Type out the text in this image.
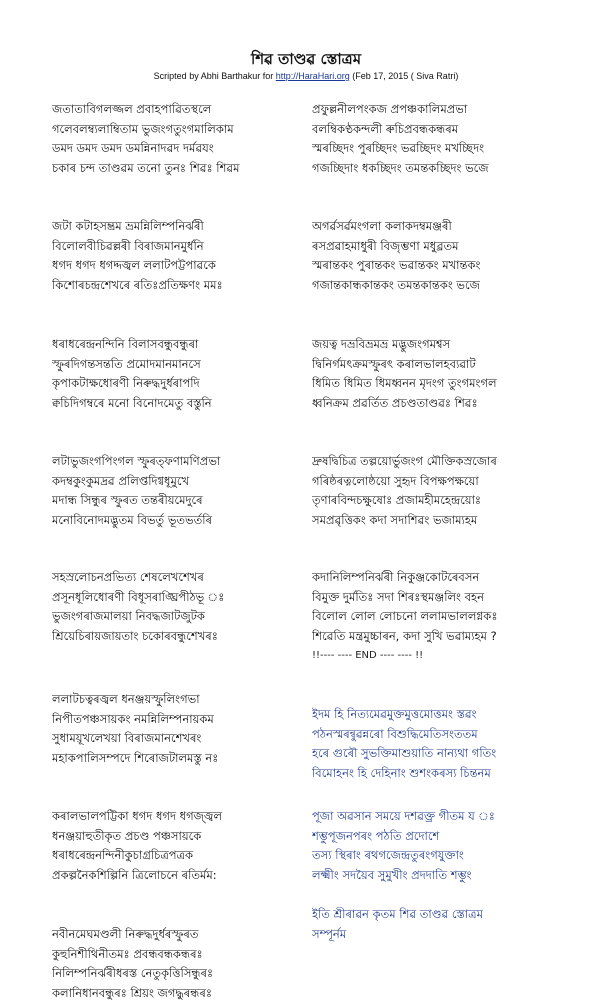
শিৱ তাণ্ডৱ স্তোত্রম
Scripted by Abhi Barthakur for http://HaraHari.org (Feb 17, 2015 ( Siva Ratri)
জতাতাবিগলজ্জল প্ৰবাহপাৱিতস্থলে
গলেবলম্ব্যলাম্বিতাম ভুজংগতুংগমালিকাম
ডমদ ডমদ ডমদ ডমন্নিনাদৱদ দর্মৱযং
চকাৰ চন্দ তাণ্ডৱম তনো তুনঃ শিৱঃ শিৱম
জটা কটাহসম্ভ্রম ভ্রমন্নিলিম্পনির্ঝৰী
বিলোলবীচিৱল্লৰী বিৰাজমানমুৰ্ধনি
ধগদ ধগদ ধগদ্দজ্বল ললাটপট্টপাৱকে
কিশোৰচন্দ্ৰশেখৰে ৰতিঃপ্ৰতিক্ষণং মমঃ
ধৰাধৰেন্দ্ৰনন্দিনি বিলাসবন্ধুবন্ধুৰা
স্ফুৰদিগন্তসন্ততি প্ৰমোদমানমানসে
কৃপাকটাক্ষধোৰণী নিৰুদ্ধদুৰ্ধৰাপদি
ক্বচিদিগম্বৰে মনো বিনোদমেতু বস্তুনি
লটাভুজংগপিংগল স্ফুৰত্ফণামণিপ্ৰভা
কদম্বকুংকুমদ্ৰৱ প্ৰলিপ্তদিগ্বধূমুখে
মদান্ধ সিন্ধুৰ স্ফুৰত তন্তৰীয়মেদুৰে
মনোবিনোদমদ্ভুতম বিভৰ্তু ভূতভৰ্তৰি
সহস্ৰলোচনপ্ৰভিত্য শেষলেখশেখৰ
প্ৰসূনধূলিধোৰণী বিধূসৰাঙ্ঘ্ৰিপীঠভূ ঃ
ভুজংগৰাজমালয়া নিবদ্ধজাটজুটক
শ্ৰিয়েচিৰায়জায়তাং চকোৰবন্ধুশেখৰঃ
ললাটচত্বৰজ্বল ধনঞ্জয়স্ফুলিংগভা
নিপীতপঞ্চসায়কং নমন্নিলিম্পনায়কম
সুধাময়ূখলেখয়া বিৰাজমানশেখৰং
মহাকপালিসম্পদে শিৰোজটালমস্তু নঃ
কৰালভালপট্টিকা ধগদ ধগদ ধগজ্জ্বল
ধনঞ্জয়াহুতীকৃত প্ৰচণ্ড পঞ্চসায়কে
ধৰাধৰেন্দ্ৰনন্দিনীকুচাগ্ৰচিত্ৰপত্ৰক
প্ৰকল্পনৈকশিল্পিনি ত্ৰিলোচনে ৰতিৰ্মম:
নবীনমেঘমণ্ডলী নিৰুদ্ধদুৰ্ধৰস্ফুৰত
কুহুনিশীথিনীতমঃ প্ৰবন্ধবন্ধকন্ধৰঃ
নিলিম্পনিৰ্ঝৰীধৰস্ত নেতুকৃত্তিসিন্ধুৰঃ
কলানিধানবন্ধুৰঃ শ্ৰিয়ং জগদ্ধুৰন্ধৰঃ
প্ৰফুল্লনীলপংকজ প্ৰপঞ্চকালিমপ্ৰভা
বলম্বিকণ্ঠকন্দলী ৰুচিপ্ৰবন্ধকন্ধৰম
স্মৰচ্ছিদং পুৰচ্ছিদং ভৱচ্ছিদং মখচ্ছিদং
গজচ্ছিদাং ধকচ্ছিদং তমন্তকচ্ছিদং ভজে
অগৰ্ৱসৰ্ৱমংগলা কলাকদম্বমঞ্জৰী
ৰসপ্ৰৱাহমাধুৰী বিজৃম্ভণা মধুৱ্ৰতম
স্মৰান্তকং পুৰান্তকং ভৱান্তকং মখান্তকং
গজান্তকান্ধকান্তকং তমন্তকান্তকং ভজে
জয়ত্ব দভ্ৰবিভ্ৰমভ্ৰ মদ্ভুজংগমশ্বস
দ্বিনিৰ্গমৎক্ৰমস্ফুৰৎ কৰালভালহব্যৱাট
ধিমিত ধিমিত ধিমধ্বনন মৃদংগ তুংগমংগল
ধ্বনিক্ৰম প্ৰৱৰ্তিত প্ৰচণ্ডতাণ্ডৱঃ শিৱঃ
দ্ৰুষদ্বিচিত্ৰ তল্পয়োৰ্ভুজংগ মৌক্তিকস্ৰজোৰ
গৰিষ্ঠৰত্নলোষ্ঠয়ো সুহৃদ বিপক্ষপক্ষয়ো
তৃণাৰবিন্দচক্ষুষোঃ প্ৰজামহীমহেন্দ্ৰয়োঃ
সমপ্ৰৱৃত্তিকং কদা সদাশিৱং ভজাম্যহম
কদানিলিম্পনিৰ্ঝৰী নিকুঞ্জকোটৰেবসন
বিমুক্ত দুৰ্মতিঃ সদা শিৰঃস্থমঞ্জলিং বহন
বিলোল লোল লোচনো ললামভাললগ্নকঃ
শিৱেতি মন্ত্ৰমুচ্চাৰন, কদা সুখি ভৱাম্যহম ?
!!---- ---- END ---- ---- !!
ইদম হি নিত্যমেৱমুক্তমুত্তমোত্তমং স্তৱং
পঠনস্মৰন্বুৱন্নৰো বিশুদ্ধিমেতিসংততম
হৰে গুৰৌ সুভক্তিমাশুয়াতি নান্যথা গতিং
বিমোহনং হি দেহিনাং শুশংকৰস্য চিন্তনম
পূজা অৱসান সময়ে দশৱক্ত্ৰ গীতম য ঃ
শম্ভুপূজনপৰং পঠতি প্ৰদোশে
তস্য স্থিৰাং ৰথগজেন্দ্ৰতুৰংগযুক্তাং
লক্ষ্মীং সদয়ৈব সুমুখীং প্ৰদদাতি শম্ভুং
ইতি শ্ৰীৰাৱন কৃতম শিৱ তাণ্ডৱ স্তোত্ৰম
সম্পূৰ্নম
